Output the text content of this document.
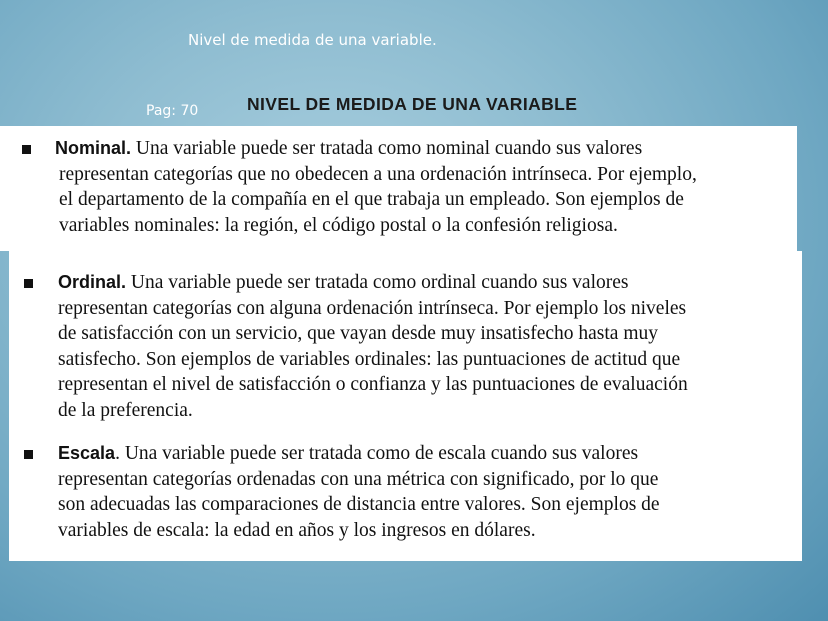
Nivel de medida de una variable.
Pag: 70	NIVEL DE MEDIDA DE UNA VARIABLE
Nominal. Una variable puede ser tratada como nominal cuando sus valores
representan categorías que no obedecen a una ordenación intrínseca. Por ejemplo,
el departamento de la compañía en el que trabaja un empleado. Son ejemplos de
variables nominales: la región, el código postal o la confesión religiosa.
Ordinal. Una variable puede ser tratada como ordinal cuando sus valores
representan categorías con alguna ordenación intrínseca. Por ejemplo los niveles
de satisfacción con un servicio, que vayan desde muy insatisfecho hasta muy
satisfecho. Son ejemplos de variables ordinales: las puntuaciones de actitud que
representan el nivel de satisfacción o confianza y las puntuaciones de evaluación
de la preferencia.
Escala. Una variable puede ser tratada como de escala cuando sus valores
representan categorías ordenadas con una métrica con significado, por lo que
son adecuadas las comparaciones de distancia entre valores. Son ejemplos de
variables de escala: la edad en años y los ingresos en dólares.
